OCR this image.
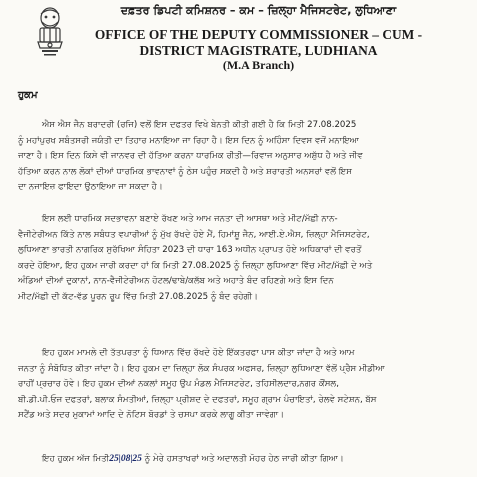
ਦਫ਼ਤਰ ਡਿਪਟੀ ਕਮਿਸ਼ਨਰ – ਕਮ – ਜ਼ਿਲ੍ਹਾ ਮੈਜਿਸਟਰੇਟ, ਲੁਧਿਆਣਾ
OFFICE OF THE DEPUTY COMMISSIONER – CUM -
DISTRICT MAGISTRATE, LUDHIANA
(M.A Branch)
ਹੁਕਮ
ਐਸ ਐਸ ਜੈਨ ਬਰਾਦਰੀ (ਰਜਿ) ਵਲੋਂ ਇਸ ਦਫਤਰ ਵਿਖੇ ਬੇਨਤੀ ਕੀਤੀ ਗਈ ਹੈ ਕਿ ਮਿਤੀ 27.08.2025
ਨੂੰ ਮਹਾਂਪੁਰਖ ਸਬੰਤਸਰੀ ਜਯੰਤੀ ਦਾ ਤਿਹਾਰ ਮਨਾਇਆ ਜਾ ਰਿਹਾ ਹੈ। ਇਸ ਦਿਨ ਨੂੰ ਅਹਿੰਸਾ ਦਿਵਸ ਵਜੋਂ ਮਨਾਇਆ
ਜਾਣਾ ਹੈ। ਇਸ ਦਿਨ ਕਿਸੇ ਵੀ ਜਾਨਵਰ ਦੀ ਹੱਤਿਆ ਕਰਨਾ ਧਾਰਮਿਕ ਰੀਤੀ—ਰਿਵਾਜ ਅਨੁਸਾਰ ਅਸ਼ੁੱਧ ਹੈ ਅਤੇ ਜੀਵ
ਹੱਤਿਆ ਕਰਨ ਨਾਲ ਲੋਕਾਂ ਦੀਆਂ ਧਾਰਮਿਕ ਭਾਵਨਾਵਾਂ ਨੂੰ ਠੇਸ ਪਹੁੰਚ ਸਕਦੀ ਹੈ ਅਤੇ ਸ਼ਰਾਰਤੀ ਅਨਸਰਾਂ ਵਲੋਂ ਇਸ
ਦਾ ਨਜਾਇਜ਼ ਫਾਇਦਾ ਉਠਾਇਆ ਜਾ ਸਕਦਾ ਹੈ।
ਇਸ ਲਈ ਧਾਰਮਿਕ ਸਦਭਾਵਨਾ ਬਣਾਏ ਰੱਖਣ ਅਤੇ ਆਮ ਜਨਤਾ ਦੀ ਆਸਥਾ ਅਤੇ ਮੀਟ/ਮੱਛੀ ਨਾਨ-
ਵੈਜੀਟੇਰੀਅਨ ਕਿੱਤੇ ਨਾਲ ਸਬੰਧਤ ਵਪਾਰੀਆਂ ਨੂੰ ਮੁੱਖ ਰੱਖਦੇ ਹੋਏ ਮੈਂ, ਹਿਮਾਂਸ਼ੂ ਜੈਨ, ਆਈ.ਏ.ਐਸ, ਜ਼ਿਲ੍ਹਾ ਮੈਜਿਸਟਰੇਟ,
ਲੁਧਿਆਣਾ ਭਾਰਤੀ ਨਾਗਰਿਕ ਸੁਰੱਖਿਆ ਸੰਹਿਤਾ 2023 ਦੀ ਧਾਰਾ 163 ਅਧੀਨ ਪ੍ਰਾਪਤ ਹੋਏ ਅਧਿਕਾਰਾਂ ਦੀ ਵਰਤੋਂ
ਕਰਦੇ ਹੋਇਆ, ਇਹ ਹੁਕਮ ਜਾਰੀ ਕਰਦਾ ਹਾਂ ਕਿ ਮਿਤੀ 27.08.2025 ਨੂੰ ਜ਼ਿਲ੍ਹਾ ਲੁਧਿਆਣਾ ਵਿੱਚ ਮੀਟ/ਮੱਛੀ ਦੇ ਅਤੇ
ਅੰਡਿਆਂ ਦੀਆਂ ਦੁਕਾਨਾਂ, ਨਾਨ-ਵੈਜੀਟੇਰੀਅਨ ਹੋਟਲ/ਢਾਬੇ/ਕਲੱਬ ਅਤੇ ਅਹਾਤੇ ਬੰਦ ਰਹਿਣਗੇ ਅਤੇ ਇਸ ਦਿਨ
ਮੀਟ/ਮੱਛੀ ਦੀ ਕੱਟ-ਵੱਡ ਪੂਰਨ ਰੂਪ ਵਿੱਚ ਮਿਤੀ 27.08.2025 ਨੂੰ ਬੰਦ ਰਹੇਗੀ।
ਇਹ ਹੁਕਮ ਮਾਮਲੇ ਦੀ ਤੱਤਪਰਤਾ ਨੂੰ ਧਿਆਨ ਵਿੱਚ ਰੱਖਦੇ ਹੋਏ ਇੱਕਤਰਫਾ ਪਾਸ ਕੀਤਾ ਜਾਂਦਾ ਹੈ ਅਤੇ ਆਮ
ਜਨਤਾ ਨੂੰ ਸੰਬੋਧਿਤ ਕੀਤਾ ਜਾਂਦਾ ਹੈ। ਇਹ ਹੁਕਮ ਦਾ ਜ਼ਿਲ੍ਹਾ ਲੋਕ ਸੰਪਰਕ ਅਫਸਰ, ਜ਼ਿਲ੍ਹਾ ਲੁਧਿਆਣਾ ਵੱਲੋਂ ਪ੍ਰੈਸ ਮੀਡੀਆ
ਰਾਹੀਂ ਪ੍ਰਚਾਰ ਹੋਵੇ। ਇਹ ਹੁਕਮ ਦੀਆਂ ਨਕਲਾਂ ਸਮੂਹ ਉਪ ਮੰਡਲ ਮੈਜਿਸਟਰੇਟ, ਤਹਿਸੀਲਦਾਰ,ਨਗਰ ਕੌਂਸਲ,
ਬੀ.ਡੀ.ਪੀ.ਓਜ ਦਫਤਰਾਂ, ਬਲਾਕ ਸੰਮਤੀਆਂ, ਜ਼ਿਲ੍ਹਾ ਪ੍ਰੀਸ਼ਦ ਦੇ ਦਫਤਰਾਂ, ਸਮੂਹ ਗ੍ਰਾਮ ਪੰਚਾਇਤਾਂ, ਰੇਲਵੇ ਸਟੇਸ਼ਨ, ਬੱਸ
ਸਟੈਂਡ ਅਤੇ ਸਦਰ ਮੁਕਾਮਾਂ ਆਦਿ ਦੇ ਨੋਟਿਸ ਬੋਰਡਾਂ ਤੇ ਚਸਪਾ ਕਰਕੇ ਲਾਗੂ ਕੀਤਾ ਜਾਵੇਗਾ।
ਇਹ ਹੁਕਮ ਅੱਜ ਮਿਤੀ25|08|25 ਨੂੰ ਮੇਰੇ ਹਸਤਾਖਰਾਂ ਅਤੇ ਅਦਾਲਤੀ ਮੋਹਰ ਹੇਠ ਜਾਰੀ ਕੀਤਾ ਗਿਆ।
